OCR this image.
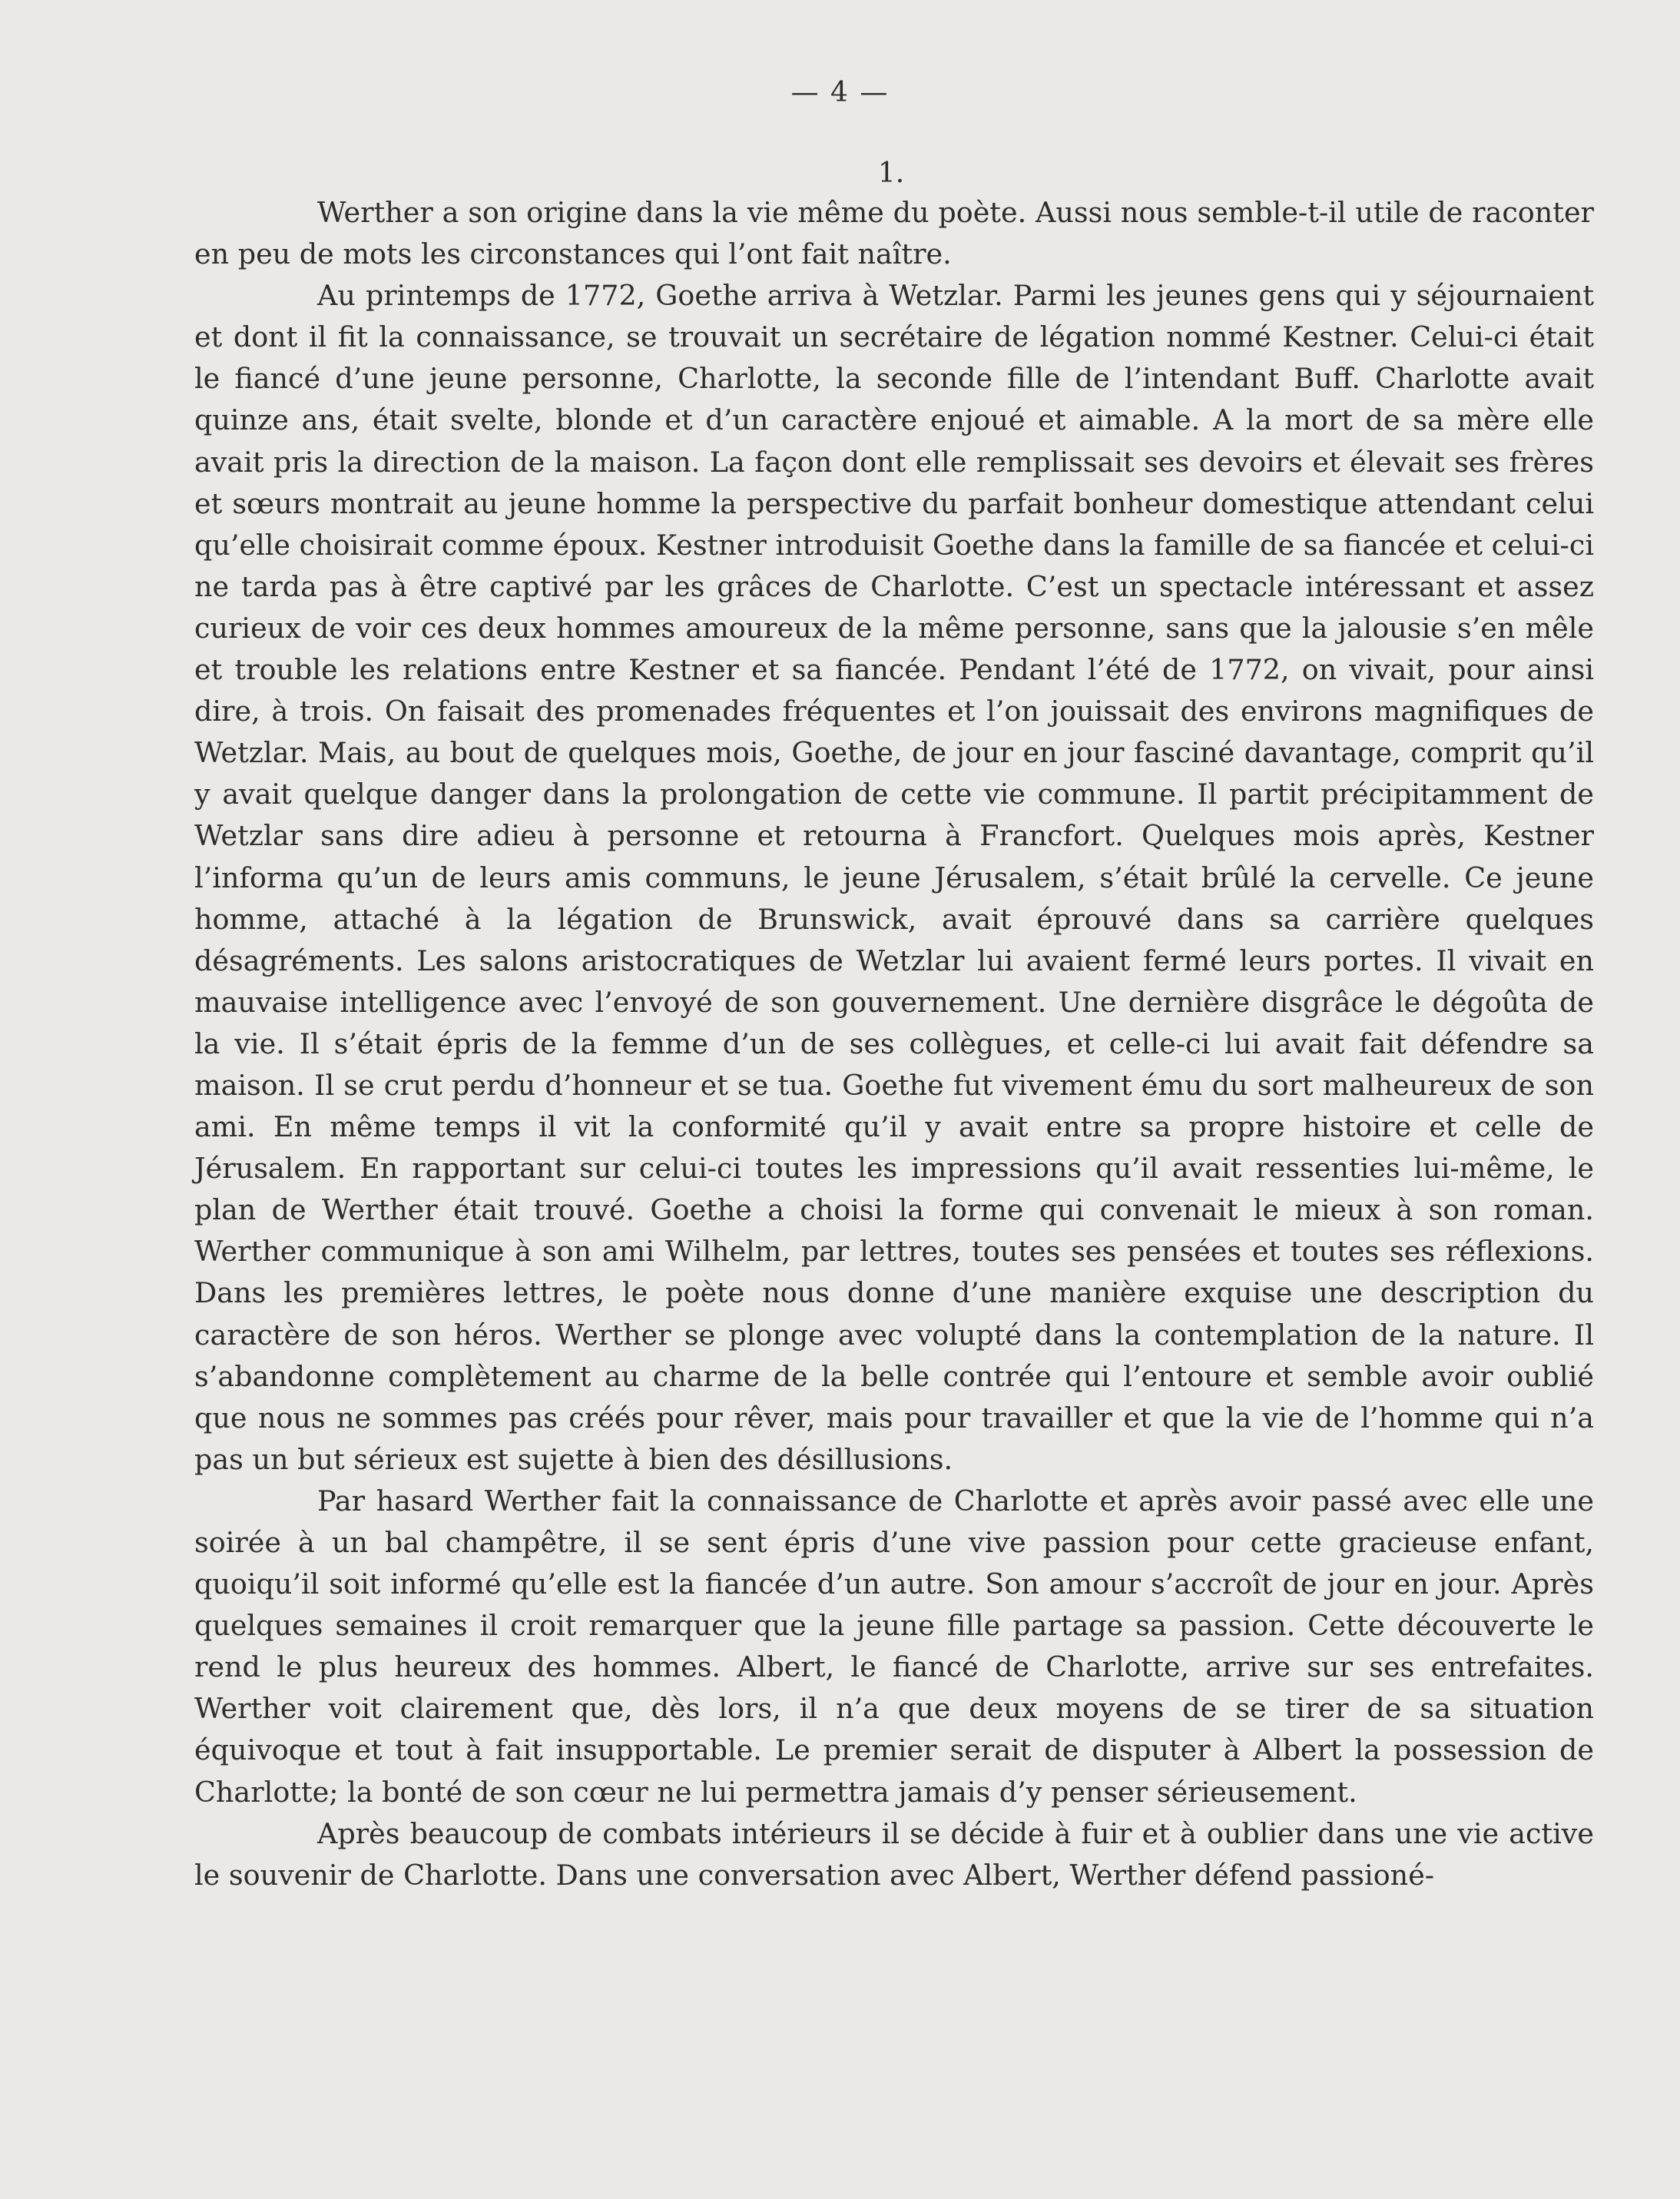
— 4 —
1.

Werther a son origine dans la vie même du poète. Aussi nous semble-t-il utile de raconter en peu de mots les circonstances qui l’ont fait naître.

Au printemps de 1772, Goethe arriva à Wetzlar. Parmi les jeunes gens qui y séjournaient et dont il fit la connaissance, se trouvait un secrétaire de légation nommé Kestner. Celui-ci était le fiancé d’une jeune personne, Charlotte, la seconde fille de l’intendant Buff. Charlotte avait quinze ans, était svelte, blonde et d’un caractère enjoué et aimable. A la mort de sa mère elle avait pris la direction de la maison. La façon dont elle remplissait ses devoirs et élevait ses frères et sœurs montrait au jeune homme la perspective du parfait bonheur domestique attendant celui qu’elle choisirait comme époux. Kestner introduisit Goethe dans la famille de sa fiancée et celui-ci ne tarda pas à être captivé par les grâces de Charlotte. C’est un spectacle intéressant et assez curieux de voir ces deux hommes amoureux de la même personne, sans que la jalousie s’en mêle et trouble les relations entre Kestner et sa fiancée. Pendant l’été de 1772, on vivait, pour ainsi dire, à trois. On faisait des promenades fréquentes et l’on jouissait des environs magnifiques de Wetzlar. Mais, au bout de quelques mois, Goethe, de jour en jour fasciné davantage, comprit qu’il y avait quelque danger dans la prolongation de cette vie commune. Il partit précipitamment de Wetzlar sans dire adieu à personne et retourna à Francfort. Quelques mois après, Kestner l’informa qu’un de leurs amis communs, le jeune Jérusalem, s’était brûlé la cervelle. Ce jeune homme, attaché à la légation de Brunswick, avait éprouvé dans sa carrière quelques désagréments. Les salons aristocratiques de Wetzlar lui avaient fermé leurs portes. Il vivait en mauvaise intelligence avec l’envoyé de son gouvernement. Une dernière disgrâce le dégoûta de la vie. Il s’était épris de la femme d’un de ses collègues, et celle-ci lui avait fait défendre sa maison. Il se crut perdu d’honneur et se tua. Goethe fut vivement ému du sort malheureux de son ami. En même temps il vit la conformité qu’il y avait entre sa propre histoire et celle de Jérusalem. En rapportant sur celui-ci toutes les impressions qu’il avait ressenties lui-même, le plan de Werther était trouvé. Goethe a choisi la forme qui convenait le mieux à son roman. Werther communique à son ami Wilhelm, par lettres, toutes ses pensées et toutes ses réflexions. Dans les premières lettres, le poète nous donne d’une manière exquise une description du caractère de son héros. Werther se plonge avec volupté dans la contemplation de la nature. Il s’abandonne complètement au charme de la belle contrée qui l’entoure et semble avoir oublié que nous ne sommes pas créés pour rêver, mais pour travailler et que la vie de l’homme qui n’a pas un but sérieux est sujette à bien des désillusions.

Par hasard Werther fait la connaissance de Charlotte et après avoir passé avec elle une soirée à un bal champêtre, il se sent épris d’une vive passion pour cette gracieuse enfant, quoiqu’il soit informé qu’elle est la fiancée d’un autre. Son amour s’accroît de jour en jour. Après quelques semaines il croit remarquer que la jeune fille partage sa passion. Cette découverte le rend le plus heureux des hommes. Albert, le fiancé de Charlotte, arrive sur ses entrefaites. Werther voit clairement que, dès lors, il n’a que deux moyens de se tirer de sa situation équivoque et tout à fait insupportable. Le premier serait de disputer à Albert la possession de Charlotte; la bonté de son cœur ne lui permettra jamais d’y penser sérieusement.

Après beaucoup de combats intérieurs il se décide à fuir et à oublier dans une vie active le souvenir de Charlotte. Dans une conversation avec Albert, Werther défend passioné-
